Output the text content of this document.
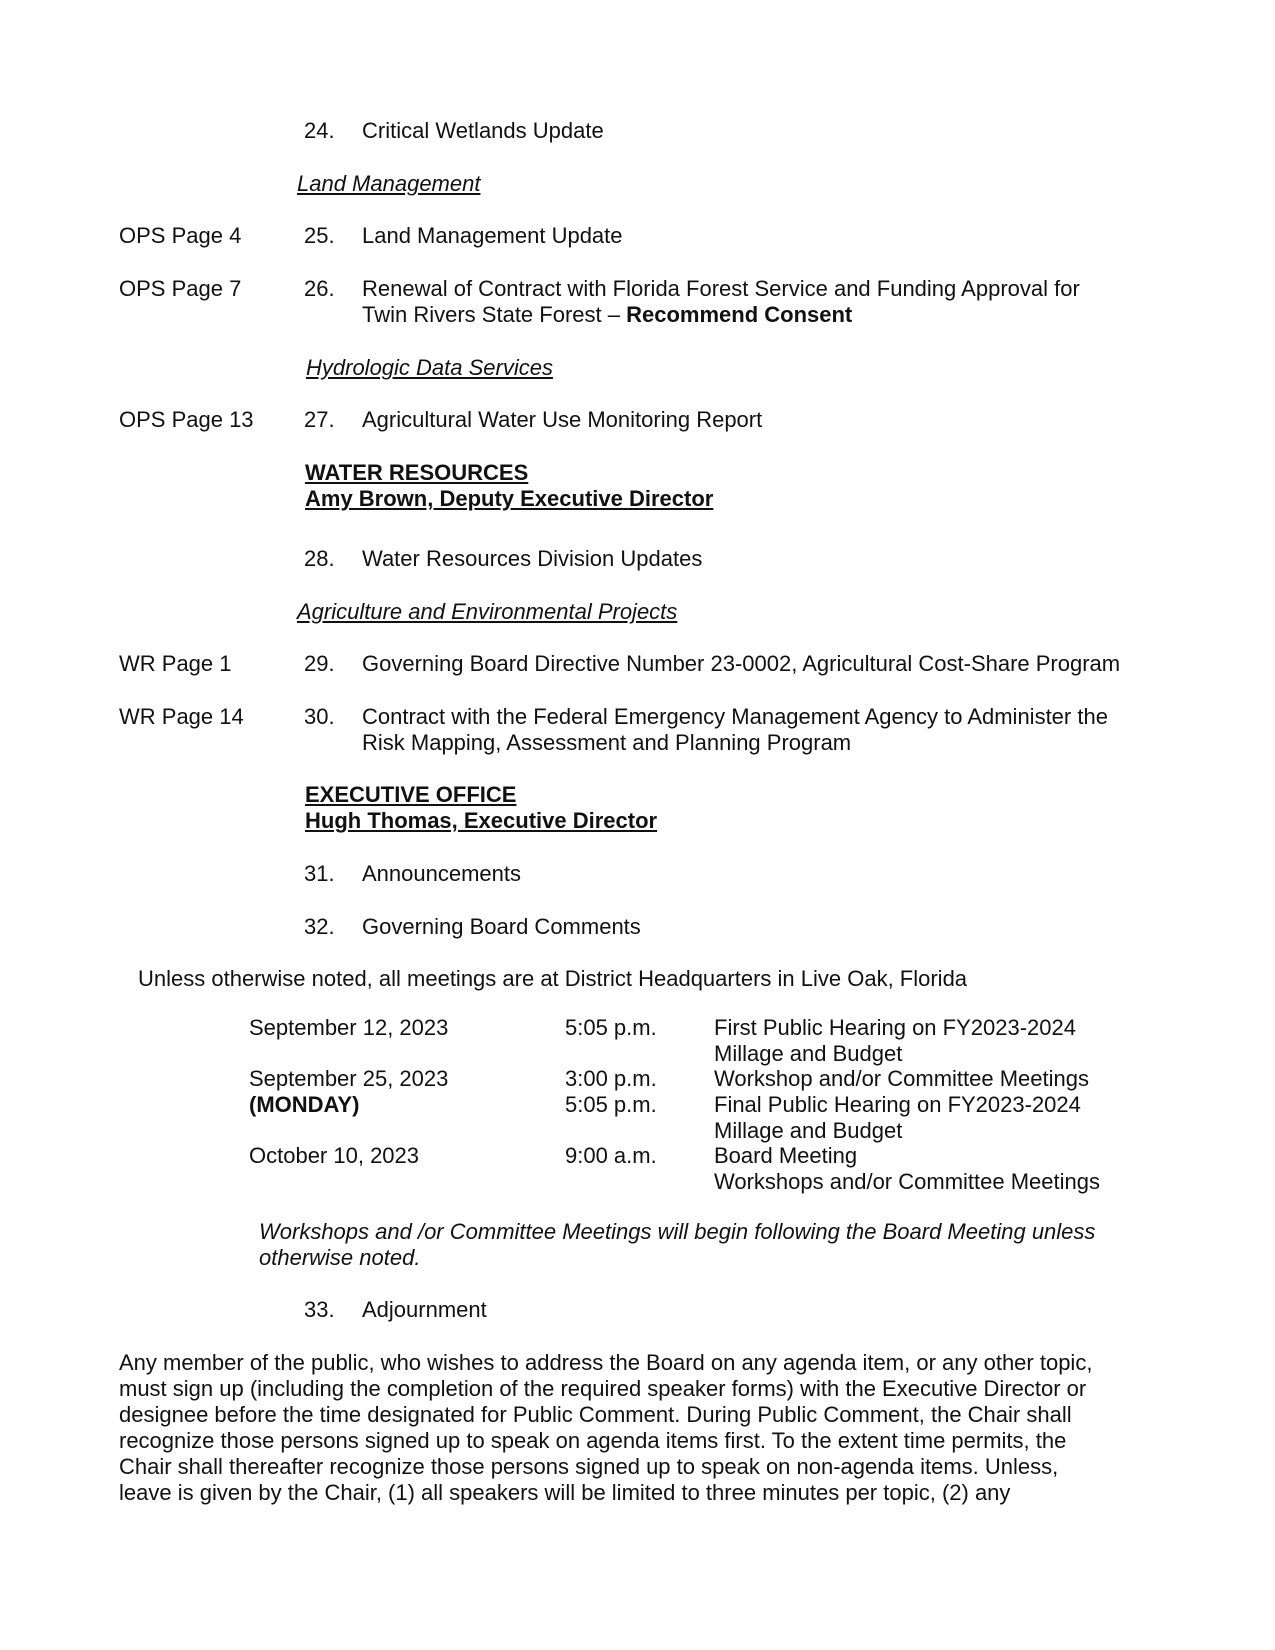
24. Critical Wetlands Update
Land Management
OPS Page 4	25. Land Management Update
OPS Page 7	26. Renewal of Contract with Florida Forest Service and Funding Approval for
Twin Rivers State Forest – Recommend Consent
Hydrologic Data Services
OPS Page 13 27. Agricultural Water Use Monitoring Report
WATER RESOURCES
Amy Brown, Deputy Executive Director
28. Water Resources Division Updates
Agriculture and Environmental Projects
WR Page 1	29. Governing Board Directive Number 23-0002, Agricultural Cost-Share Program
WR Page 14	30. Contract with the Federal Emergency Management Agency to Administer the
Risk Mapping, Assessment and Planning Program
EXECUTIVE OFFICE
Hugh Thomas, Executive Director
31. Announcements
32. Governing Board Comments
Unless otherwise noted, all meetings are at District Headquarters in Live Oak, Florida
September 12, 2023	5:05 p.m.	First Public Hearing on FY2023-2024
Millage and Budget
September 25, 2023	3:00 p.m.	Workshop and/or Committee Meetings
(MONDAY)	5:05 p.m.	Final Public Hearing on FY2023-2024
Millage and Budget
October 10, 2023	9:00 a.m.	Board Meeting
Workshops and/or Committee Meetings
Workshops and /or Committee Meetings will begin following the Board Meeting unless
otherwise noted.
33. Adjournment
Any member of the public, who wishes to address the Board on any agenda item, or any other topic,
must sign up (including the completion of the required speaker forms) with the Executive Director or
designee before the time designated for Public Comment. During Public Comment, the Chair shall
recognize those persons signed up to speak on agenda items first. To the extent time permits, the
Chair shall thereafter recognize those persons signed up to speak on non-agenda items. Unless,
leave is given by the Chair, (1) all speakers will be limited to three minutes per topic, (2) any
